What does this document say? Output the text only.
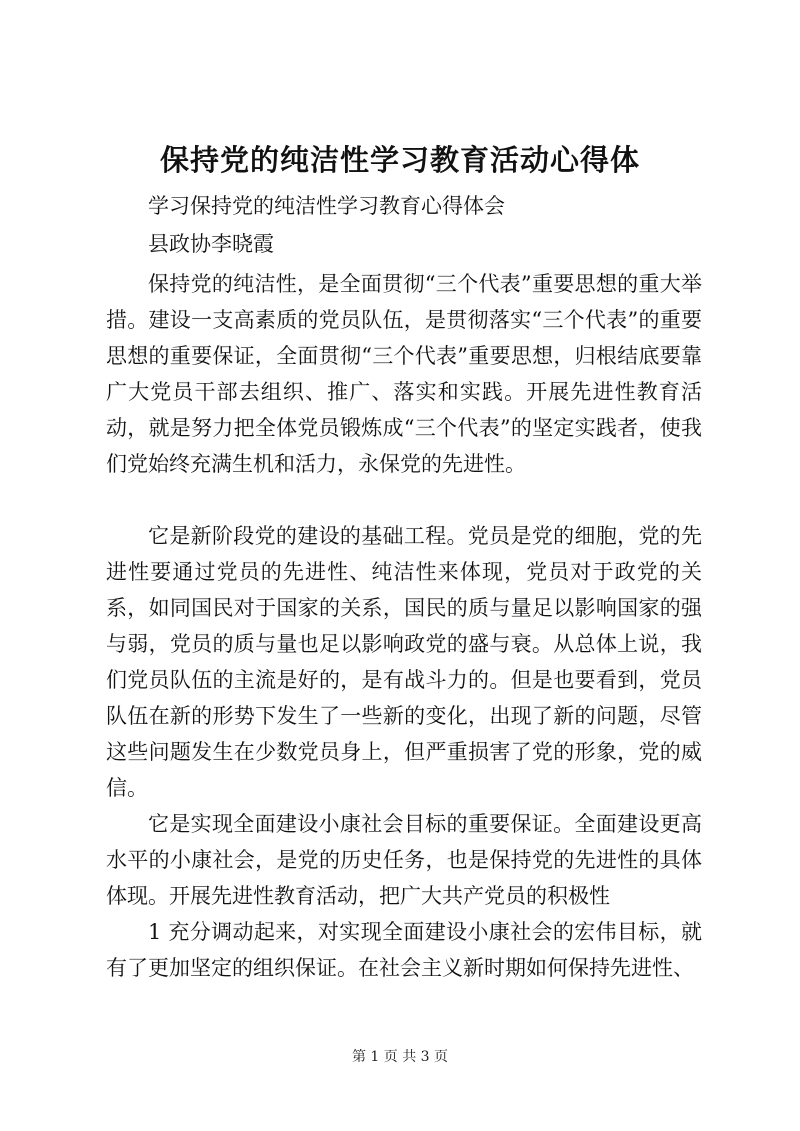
保持党的纯洁性学习教育活动心得体

学习保持党的纯洁性学习教育心得体会

县政协李晓霞

保持党的纯洁性，是全面贯彻“三个代表”重要思想的重大举措。建设一支高素质的党员队伍，是贯彻落实“三个代表”的重要思想的重要保证，全面贯彻“三个代表”重要思想，归根结底要靠广大党员干部去组织、推广、落实和实践。开展先进性教育活动，就是努力把全体党员锻炼成“三个代表”的坚定实践者，使我们党始终充满生机和活力，永保党的先进性。

它是新阶段党的建设的基础工程。党员是党的细胞，党的先进性要通过党员的先进性、纯洁性来体现，党员对于政党的关系，如同国民对于国家的关系，国民的质与量足以影响国家的强与弱，党员的质与量也足以影响政党的盛与衰。从总体上说，我们党员队伍的主流是好的，是有战斗力的。但是也要看到，党员队伍在新的形势下发生了一些新的变化，出现了新的问题，尽管这些问题发生在少数党员身上，但严重损害了党的形象，党的威信。

它是实现全面建设小康社会目标的重要保证。全面建设更高水平的小康社会，是党的历史任务，也是保持党的先进性的具体体现。开展先进性教育活动，把广大共产党员的积极性

1 充分调动起来，对实现全面建设小康社会的宏伟目标，就有了更加坚定的组织保证。在社会主义新时期如何保持先进性、

第 1 页 共 3 页
